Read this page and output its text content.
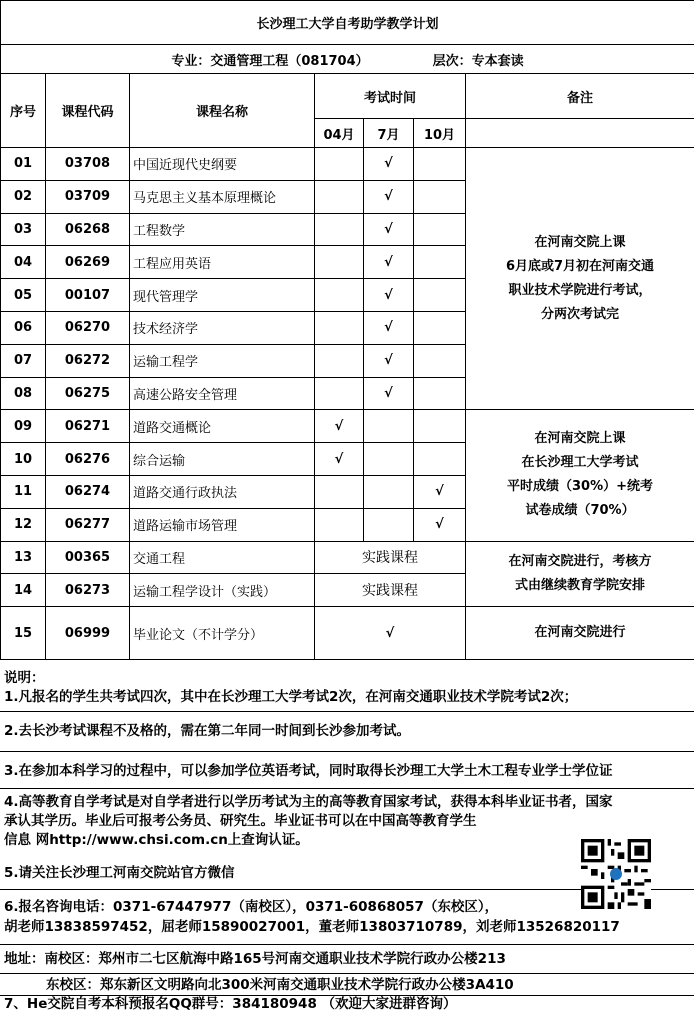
长沙理工大学自考助学教学计划						
专业：交通管理工程（081704） 层次：专本套读						
序号	课程代码	课程名称	考试时间			备注
			04月	7月	10月	
01	03708	中国近现代史纲要		√		在河南交院上课
6月底或7月初在河南交通
职业技术学院进行考试，
分两次考试完

02	03709	马克思主义基本原理概论		√		
03	06268	工程数学		√		
04	06269	工程应用英语		√		
05	00107	现代管理学		√		
06	06270	技术经济学		√		
07	06272	运输工程学		√		
08	06275	高速公路安全管理		√		
09	06271	道路交通概论	√			在河南交院上课
在长沙理工大学考试
平时成绩（30%）+统考
试卷成绩（70%）

10	06276	综合运输	√			
11	06274	道路交通行政执法			√	
12	06277	道路运输市场管理			√	
13	00365	交通工程	实践课程			在河南交院进行，考核方
式由继续教育学院安排

14	06273	运输工程学设计（实践）	实践课程			
15	06999	毕业论文（不计学分）	√			在河南交院进行
说明：
1.凡报名的学生共考试四次，其中在长沙理工大学考试2次，在河南交通职业技术学院考试2次；
2.去长沙考试课程不及格的，需在第二年同一时间到长沙参加考试。
3.在参加本科学习的过程中，可以参加学位英语考试，同时取得长沙理工大学土木工程专业学士学位证
4.高等教育自学考试是对自学者进行以学历考试为主的高等教育国家考试，获得本科毕业证书者，国家
承认其学历。毕业后可报考公务员、研究生。毕业证书可以在中国高等教育学生
信息 网http://www.chsi.com.cn上查询认证。
5.请关注长沙理工河南交院站官方微信
6.报名咨询电话：0371-67447977（南校区），0371-60868057（东校区），
胡老师13838597452，屈老师15890027001，董老师13803710789，刘老师13526820117
地址：南校区：郑州市二七区航海中路165号河南交通职业技术学院行政办公楼213
东校区：郑东新区文明路向北300米河南交通职业技术学院行政办公楼3A410
7、He交院自考本科预报名QQ群号：384180948 （欢迎大家进群咨询）
